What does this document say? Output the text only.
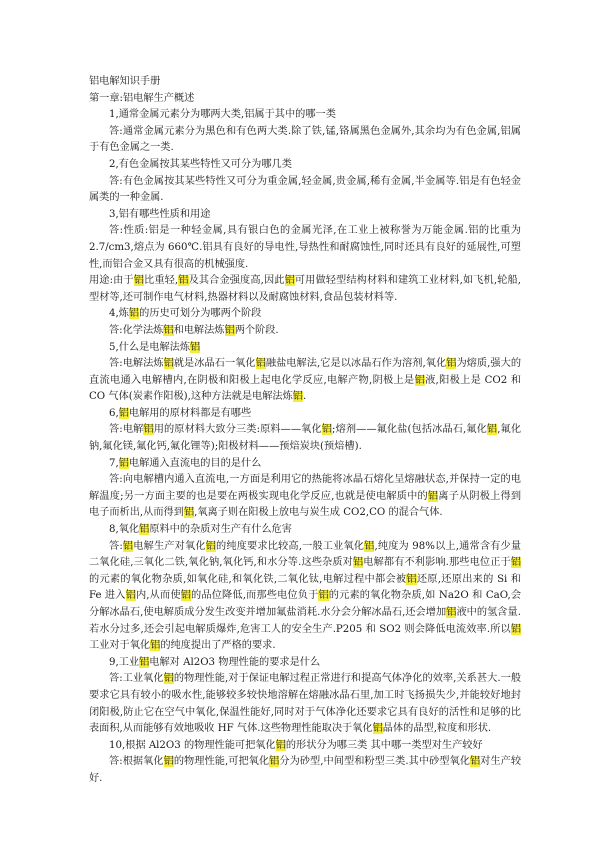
铝电解知识手册

第一章:铝电解生产概述

1,通常金属元素分为哪两大类,铝属于其中的哪一类

答:通常金属元素分为黑色和有色两大类.除了铁,锰,铬属黑色金属外,其余均为有色金属,铝属于有色金属之一类.

2,有色金属按其某些特性又可分为哪几类

答:有色金属按其某些特性又可分为重金属,轻金属,贵金属,稀有金属,半金属等.铝是有色轻金属类的一种金属.

3,铝有哪些性质和用途

答:性质:铝是一种轻金属,具有银白色的金属光泽,在工业上被称誉为万能金属.铝的比重为 2.7/cm3,熔点为 660℃.铝具有良好的导电性,导热性和耐腐蚀性,同时还具有良好的延展性,可塑性,而铝合金又具有很高的机械强度.

用途:由于铝比重轻,铝及其合金强度高,因此铝可用做轻型结构材料和建筑工业材料,如飞机,轮船,型材等,还可制作电气材料,热器材料以及耐腐蚀材料,食品包装材料等.

4,炼铝的历史可划分为哪两个阶段

答:化学法炼铝和电解法炼铝两个阶段.

5,什么是电解法炼铝

答:电解法炼铝就是冰晶石一氧化铝融盐电解法,它是以冰晶石作为溶剂,氧化铝为熔质,强大的直流电通入电解槽内,在阴极和阳极上起电化学反应,电解产物,阴极上是铝液,阳极上是 CO2 和 CO 气体(炭素作阳极),这种方法就是电解法炼铝.

6,铝电解用的原材料都是有哪些

答:电解铝用的原材料大致分三类:原料——氧化铝;熔剂——氟化盐(包括冰晶石,氟化铝,氟化钠,氟化镁,氟化钙,氟化锂等);阳极材料——预焙炭块(预焙槽).

7,铝电解通入直流电的目的是什么

答:向电解槽内通入直流电,一方面是利用它的热能将冰晶石熔化呈熔融状态,并保持一定的电解温度;另一方面主要的也是要在两极实现电化学反应,也就是使电解质中的铝离子从阴极上得到电子而析出,从而得到铝,氧离子则在阳极上放电与炭生成 CO2,CO 的混合气体.

8,氧化铝原料中的杂质对生产有什么危害

答:铝电解生产对氧化铝的纯度要求比较高,一般工业氧化铝,纯度为 98%以上,通常含有少量二氧化硅,三氧化二铁,氧化钠,氧化钙,和水分等.这些杂质对铝电解都有不利影响.那些电位正于铝的元素的氧化物杂质,如氧化硅,和氧化铁,二氧化钛,电解过程中都会被铝还原,还原出来的 Si 和 Fe 进入铝内,从而使铝的品位降低,而那些电位负于铝的元素的氧化物杂质,如 Na2O 和 CaO,会分解冰晶石,使电解质成分发生改变并增加氟盐消耗.水分会分解冰晶石,还会增加铝液中的氢含量.若水分过多,还会引起电解质爆炸,危害工人的安全生产.P205 和 SO2 则会降低电流效率.所以铝工业对于氧化铝的纯度提出了严格的要求.

9,工业铝电解对 Al2O3 物理性能的要求是什么

答:工业氧化铝的物理性能,对于保证电解过程正常进行和提高气体净化的效率,关系甚大.一般要求它具有较小的吸水性,能够较多较快地溶解在熔融冰晶石里,加工时飞扬损失少,并能较好地封闭阳极,防止它在空气中氧化,保温性能好,同时对于气体净化还要求它具有良好的活性和足够的比表面积,从而能够有效地吸收 HF 气体.这些物理性能取决于氧化铝晶体的晶型,粒度和形状.

10,根据 Al2O3 的物理性能可把氧化铝的形状分为哪三类 其中哪一类型对生产较好

答:根据氧化铝的物理性能,可把氧化铝分为砂型,中间型和粉型三类.其中砂型氧化铝对生产较好.
